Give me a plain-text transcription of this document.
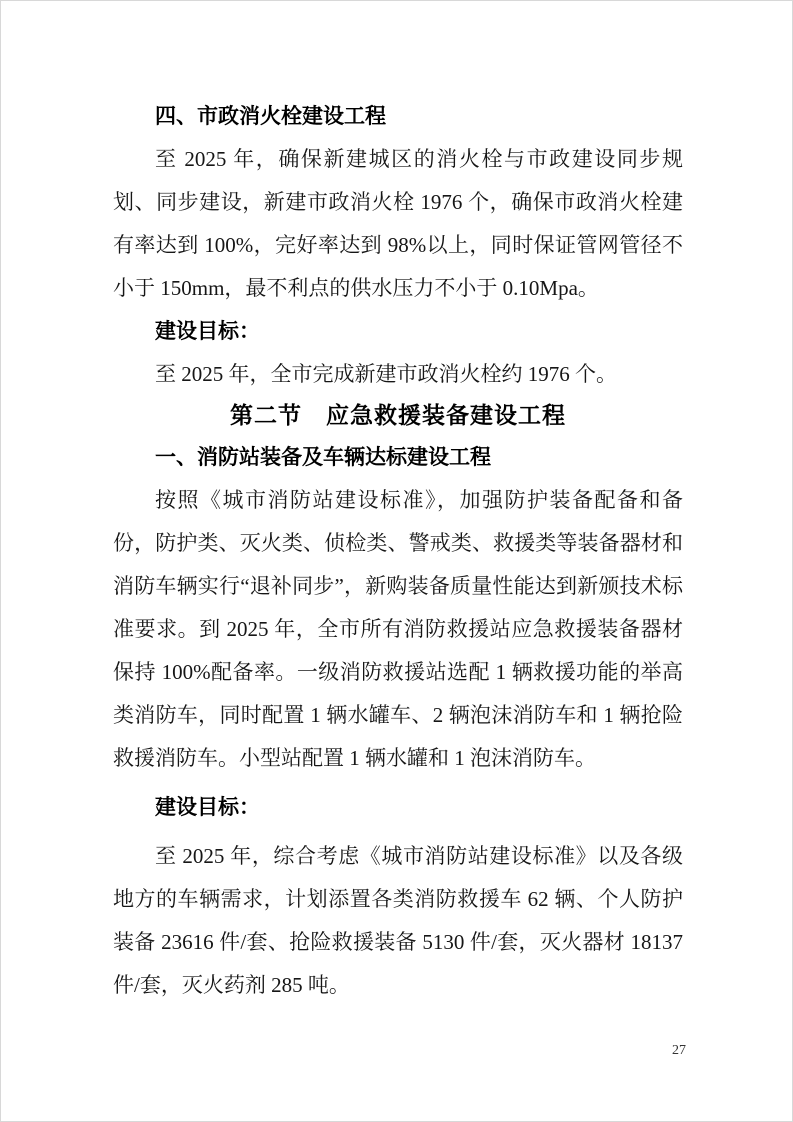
四、市政消火栓建设工程

至 2025 年，确保新建城区的消火栓与市政建设同步规划、同步建设，新建市政消火栓 1976 个，确保市政消火栓建有率达到 100%，完好率达到 98%以上，同时保证管网管径不小于 150mm，最不利点的供水压力不小于 0.10Mpa。

建设目标：

至 2025 年，全市完成新建市政消火栓约 1976 个。

第二节　应急救援装备建设工程
一、消防站装备及车辆达标建设工程

按照《城市消防站建设标准》，加强防护装备配备和备份，防护类、灭火类、侦检类、警戒类、救援类等装备器材和消防车辆实行“退补同步”，新购装备质量性能达到新颁技术标准要求。到 2025 年，全市所有消防救援站应急救援装备器材保持 100%配备率。一级消防救援站选配 1 辆救援功能的举高类消防车，同时配置 1 辆水罐车、2 辆泡沫消防车和 1 辆抢险救援消防车。小型站配置 1 辆水罐和 1 泡沫消防车。

建设目标：

至 2025 年，综合考虑《城市消防站建设标准》以及各级地方的车辆需求，计划添置各类消防救援车 62 辆、个人防护装备 23616 件/套、抢险救援装备 5130 件/套，灭火器材 18137 件/套，灭火药剂 285 吨。

27
